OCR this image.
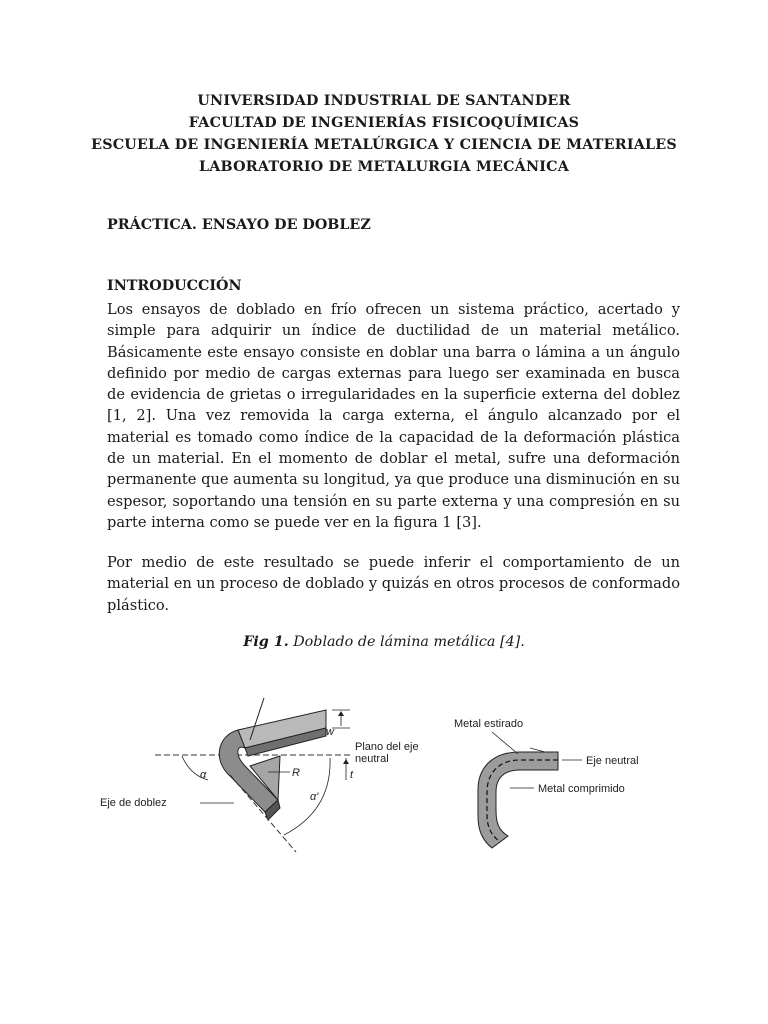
UNIVERSIDAD INDUSTRIAL DE SANTANDER
FACULTAD DE INGENIERÍAS FISICOQUÍMICAS
ESCUELA DE INGENIERÍA METALÚRGICA Y CIENCIA DE MATERIALES
LABORATORIO DE METALURGIA MECÁNICA
PRÁCTICA. ENSAYO DE DOBLEZ
INTRODUCCIÓN
Los ensayos de doblado en frío ofrecen un sistema práctico, acertado y simple para adquirir un índice de ductilidad de un material metálico. Básicamente este ensayo consiste en doblar una barra o lámina a un ángulo definido por medio de cargas externas para luego ser examinada en busca de evidencia de grietas o irregularidades en la superficie externa del doblez [1, 2]. Una vez removida la carga externa, el ángulo alcanzado por el material es tomado como índice de la capacidad de la deformación plástica de un material. En el momento de doblar el metal, sufre una deformación permanente que aumenta su longitud, ya que produce una disminución en su espesor, soportando una tensión en su parte externa y una compresión en su parte interna como se puede ver en la figura 1 [3].
Por medio de este resultado se puede inferir el comportamiento de un material en un proceso de doblado y quizás en otros procesos de conformado plástico.
Fig 1. Doblado de lámina metálica [4].
w
Plano del eje
neutral
t
R
α
α'
Eje de doblez
Metal estirado
Eje neutral
Metal comprimido
